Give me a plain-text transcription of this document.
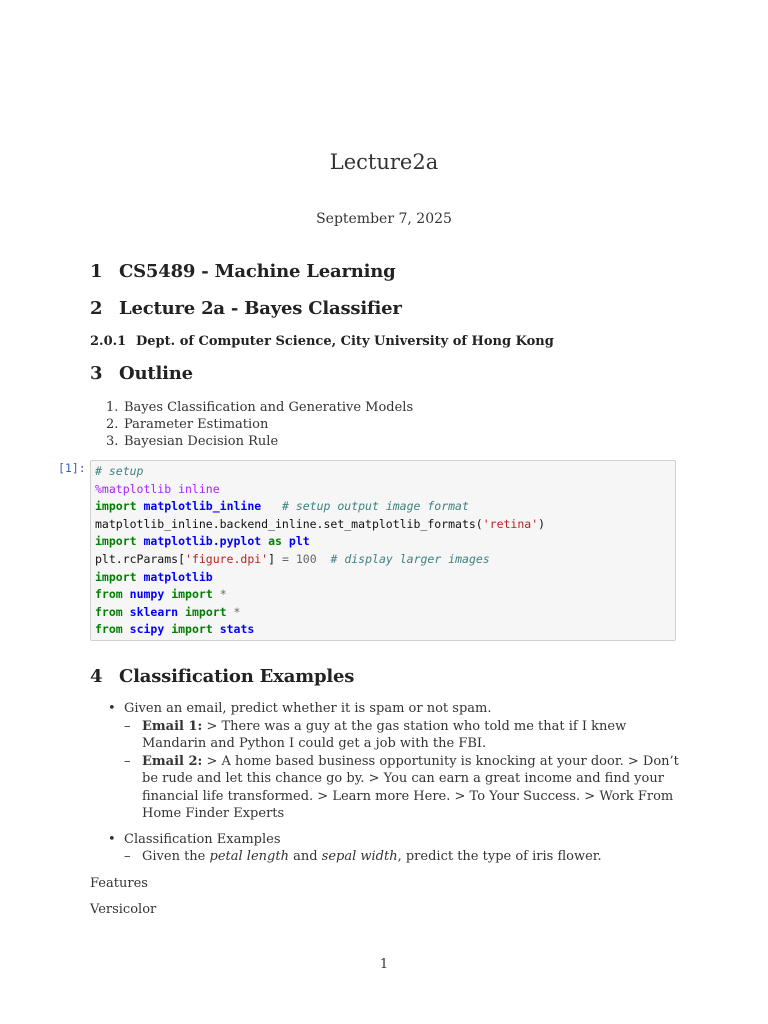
Lecture2a
September 7, 2025
1 CS5489 - Machine Learning
2 Lecture 2a - Bayes Classifier
2.0.1 Dept. of Computer Science, City University of Hong Kong
3 Outline
1. Bayes Classification and Generative Models
2. Parameter Estimation
3. Bayesian Decision Rule
[1]: # setup
%matplotlib inline
import matplotlib_inline # setup output image format
matplotlib_inline.backend_inline.set_matplotlib_formats('retina')
import matplotlib.pyplot as plt
plt.rcParams['figure.dpi'] = 100 # display larger images
import matplotlib
from numpy import *
from sklearn import *
from scipy import stats
4 Classification Examples
• Given an email, predict whether it is spam or not spam.
– Email 1: > There was a guy at the gas station who told me that if I knew Mandarin and Python I could get a job with the FBI.
– Email 2: > A home based business opportunity is knocking at your door. > Don’t be rude and let this chance go by. > You can earn a great income and find your financial life transformed. > Learn more Here. > To Your Success. > Work From Home Finder Experts
• Classification Examples
– Given the petal length and sepal width, predict the type of iris flower.
Features
Versicolor
1
